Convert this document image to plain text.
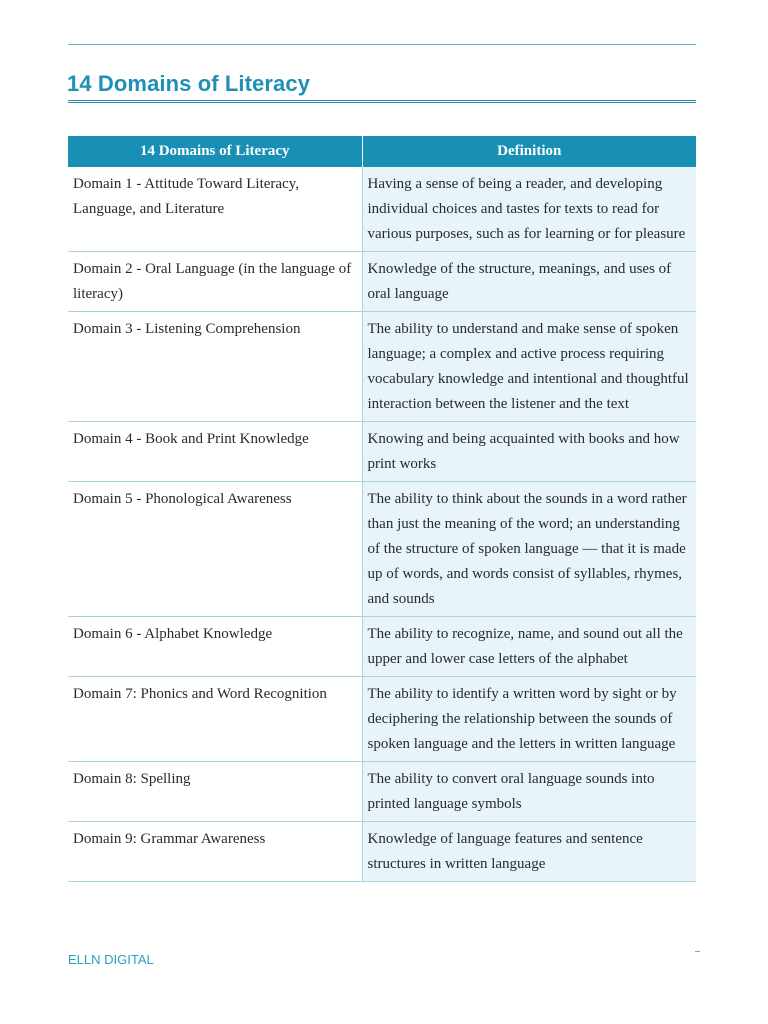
14 Domains of Literacy
14 Domains of Literacy	Definition
Domain 1 - Attitude Toward Literacy, Language, and Literature	Having a sense of being a reader, and developing individual choices and tastes for texts to read for various purposes, such as for learning or for pleasure
Domain 2 - Oral Language (in the language of literacy)	Knowledge of the structure, meanings, and uses of oral language
Domain 3 - Listening Comprehension	The ability to understand and make sense of spoken language; a complex and active process requiring vocabulary knowledge and intentional and thoughtful interaction between the listener and the text
Domain 4 - Book and Print Knowledge	Knowing and being acquainted with books and how print works
Domain 5 - Phonological Awareness	The ability to think about the sounds in a word rather than just the meaning of the word; an understanding of the structure of spoken language — that it is made up of words, and words consist of syllables, rhymes, and sounds
Domain 6 - Alphabet Knowledge	The ability to recognize, name, and sound out all the upper and lower case letters of the alphabet
Domain 7: Phonics and Word Recognition	The ability to identify a written word by sight or by deciphering the relationship between the sounds of spoken language and the letters in written language
Domain 8: Spelling	The ability to convert oral language sounds into printed language symbols
Domain 9: Grammar Awareness	Knowledge of language features and sentence structures in written language
ELLN DIGITAL
